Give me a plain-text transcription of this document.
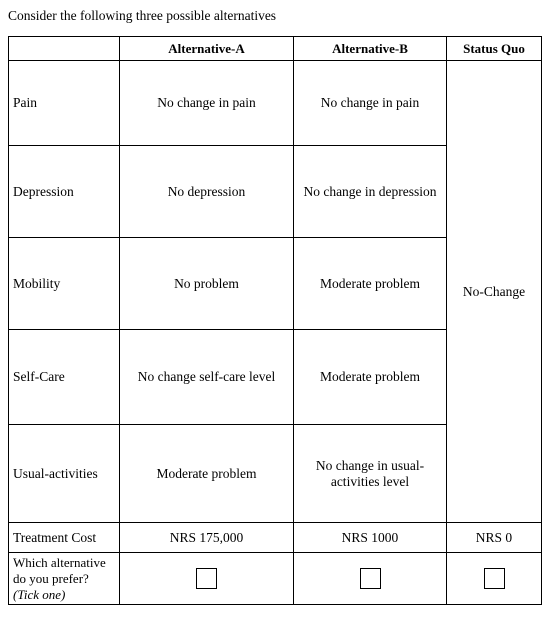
Consider the following three possible alternatives
	Alternative-A	Alternative-B	Status Quo
Pain	No change in pain	No change in pain	No-Change
Depression	No depression	No change in depression	
Mobility	No problem	Moderate problem	
Self-Care	No change self-care level	Moderate problem	
Usual-activities	Moderate problem	No change in usual-
activities level	
Treatment Cost	NRS 175,000	NRS 1000	NRS 0
Which alternative
do you prefer?
(Tick one)			
